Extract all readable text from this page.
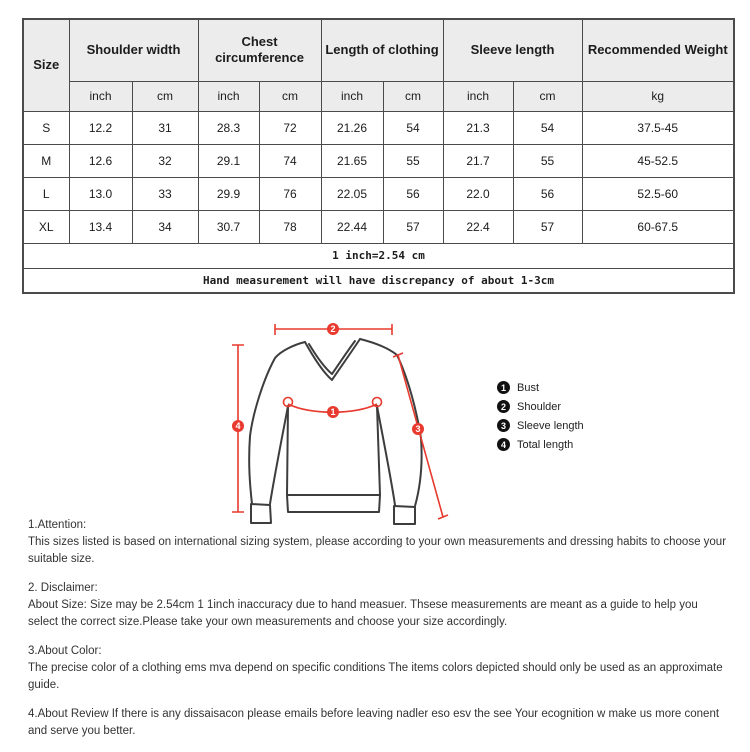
Size	Shoulder width		Chest circumference		Length of clothing		Sleeve length		Recommended Weight
	inch	cm	inch	cm	inch	cm	inch	cm	kg
S	12.2	31	28.3	72	21.26	54	21.3	54	37.5-45
M	12.6	32	29.1	74	21.65	55	21.7	55	45-52.5
L	13.0	33	29.9	76	22.05	56	22.0	56	52.5-60
XL	13.4	34	30.7	78	22.44	57	22.4	57	60-67.5
1 inch=2.54 cm									
Hand measurement will have discrepancy of about 1-3cm									
2
4
1
3
1	Bust
2	Shoulder
3	Sleeve length
4	Total length
1.Attention:
This sizes listed is based on international sizing system, please according to your own measurements and dressing habits to choose your suitable size.
2. Disclaimer:
About Size: Size may be 2.54cm 1 1inch inaccuracy due to hand measuer. Thsese measurements are meant as a guide to help you select the correct size.Please take your own measurements and choose your size accordingly.
3.About Color:
The precise color of a clothing ems mva depend on specific conditions The items colors depicted should only be used as an approximate guide.
4.About Review If there is any dissaisacon please emails before leaving nadler eso esv the see Your ecognition w make us more conent and serve you better.
